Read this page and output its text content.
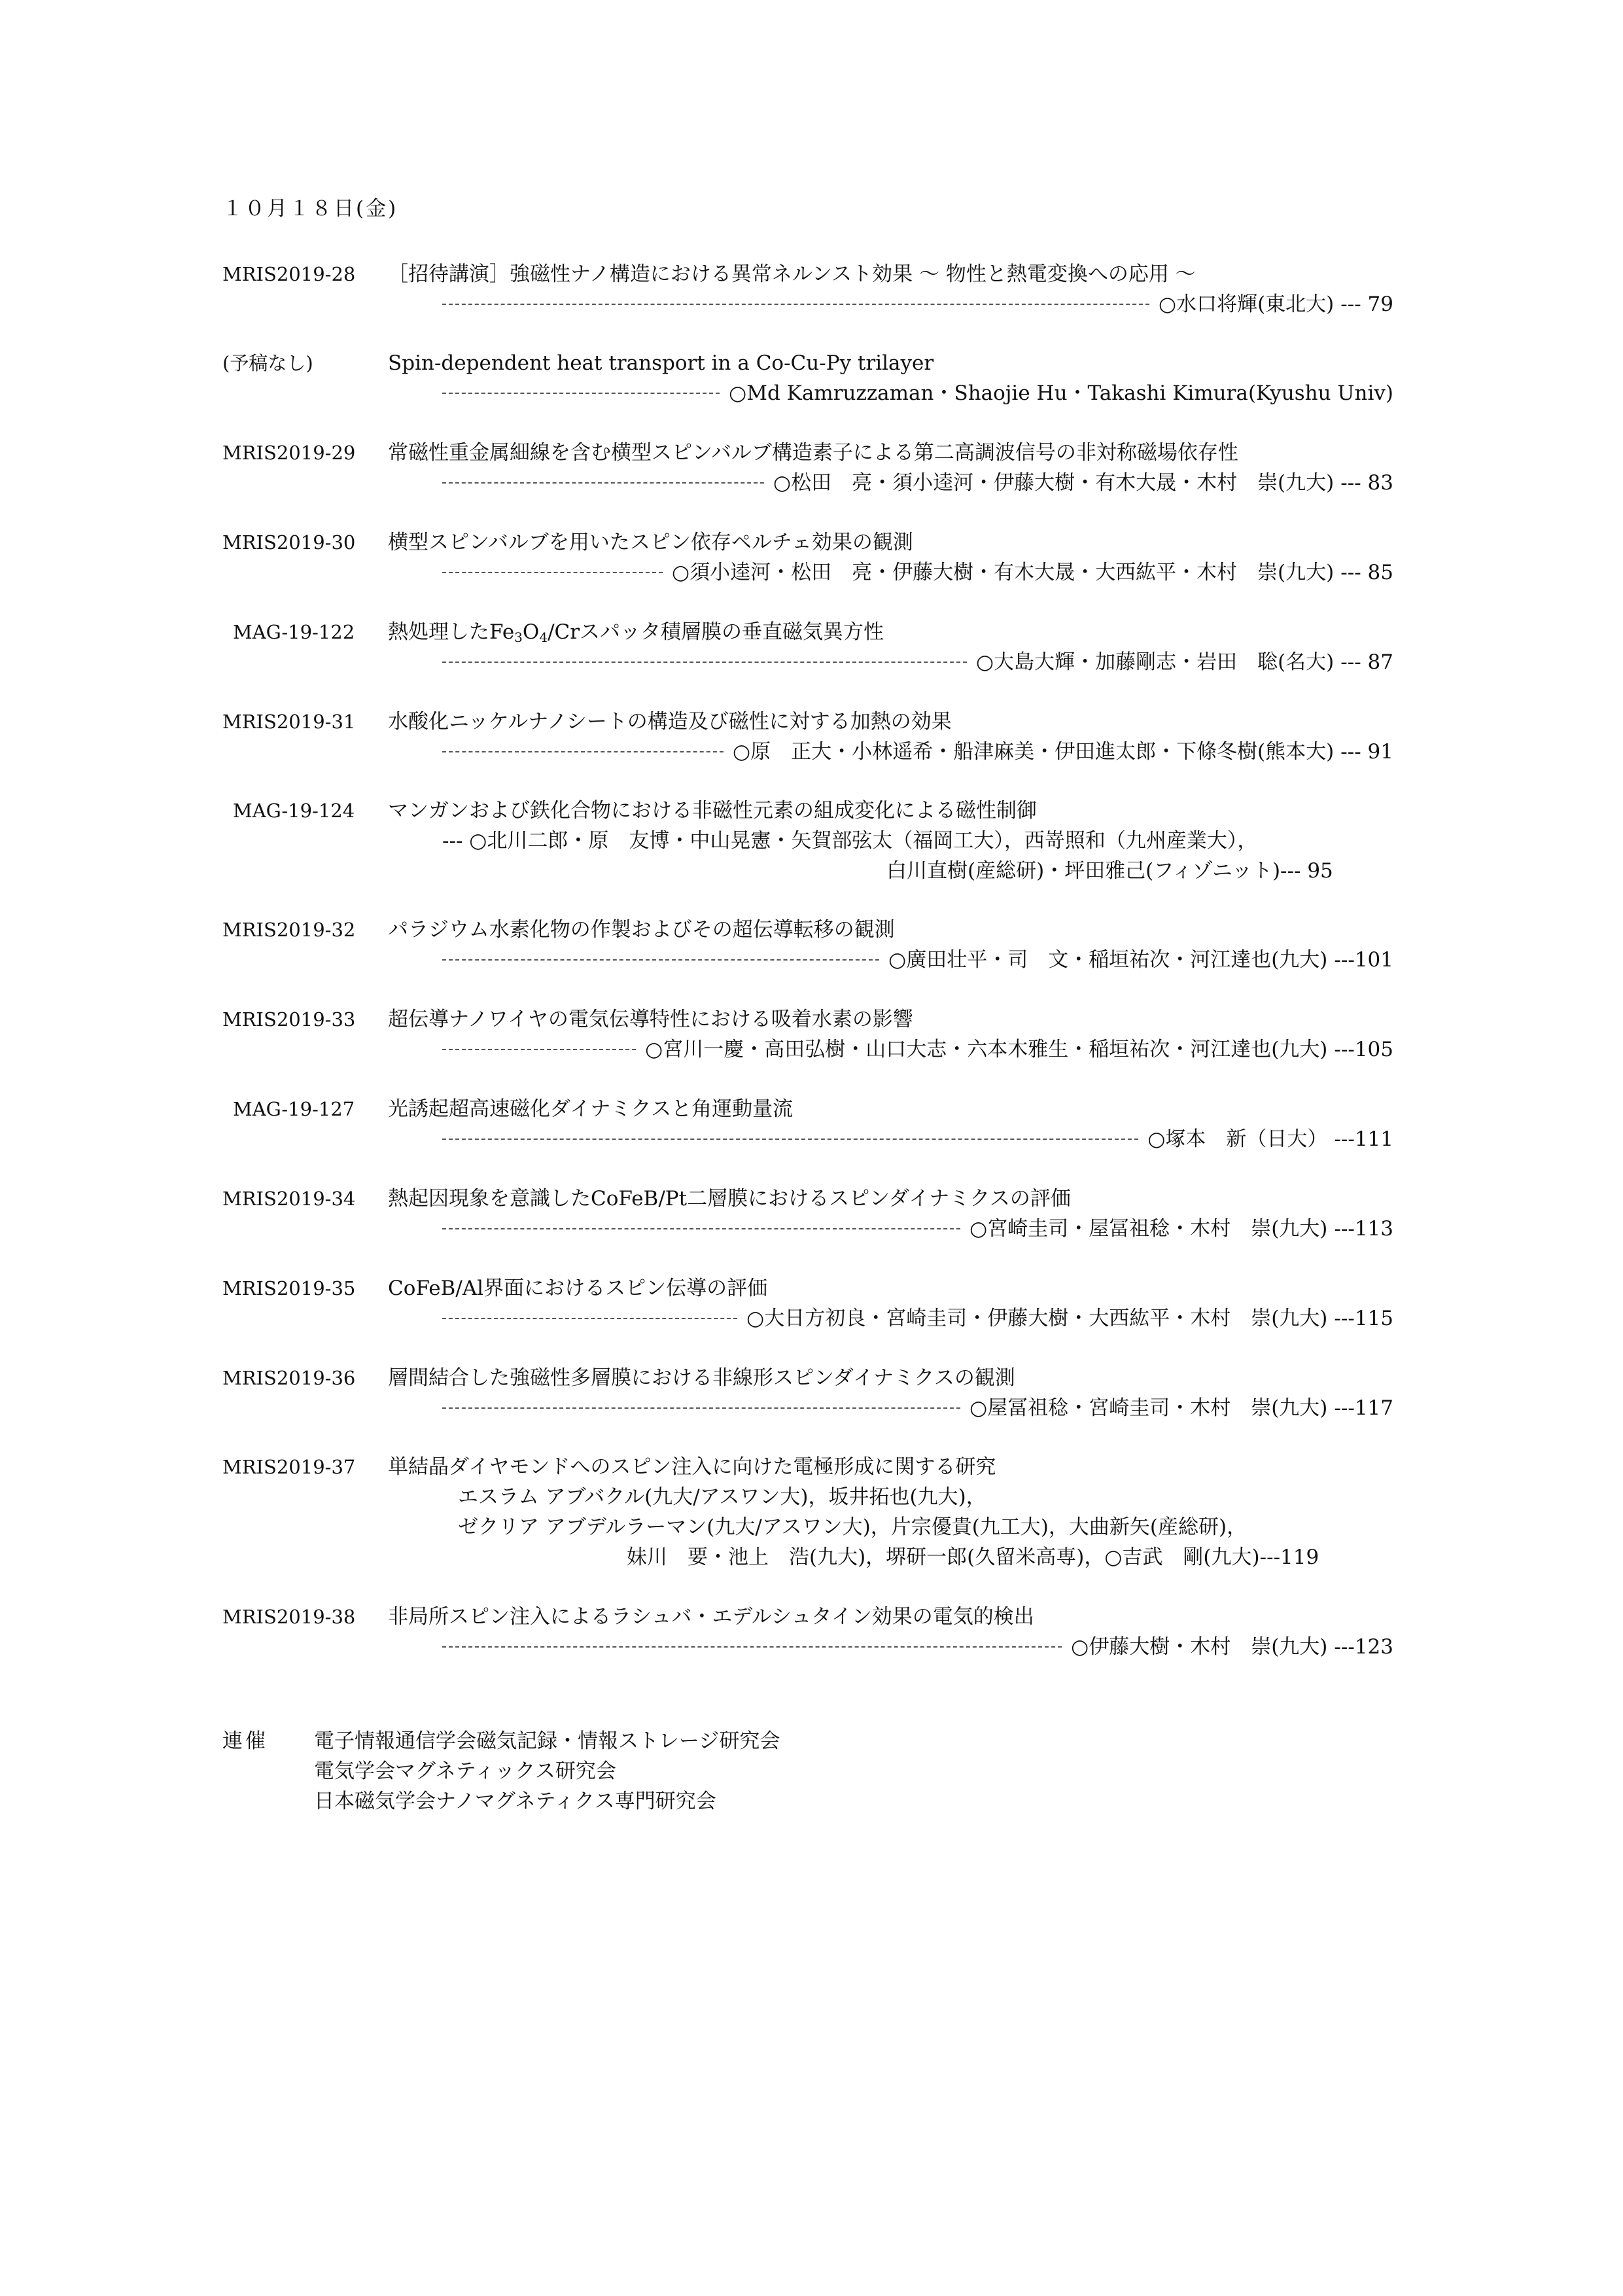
１０月１８日(金)
MRIS2019-28 ［招待講演］強磁性ナノ構造における異常ネルンスト効果 ～ 物性と熱電変換への応用 ～
○水口将輝(東北大) --- 79
(予稿なし)	Spin-dependent heat transport in a Co-Cu-Py trilayer
○Md Kamruzzaman・Shaojie Hu・Takashi Kimura(Kyushu Univ)
MRIS2019-29 常磁性重金属細線を含む横型スピンバルブ構造素子による第二高調波信号の非対称磁場依存性
○松田　亮・須小逵河・伊藤大樹・有木大晟・木村　崇(九大) --- 83
MRIS2019-30 横型スピンバルブを用いたスピン依存ペルチェ効果の観測
○須小逵河・松田　亮・伊藤大樹・有木大晟・大西紘平・木村　崇(九大) --- 85
MAG-19-122 熱処理した$Fe_3O_4/Cr$スパッタ積層膜の垂直磁気異方性
○大島大輝・加藤剛志・岩田　聡(名大) --- 87
MRIS2019-31 水酸化ニッケルナノシートの構造及び磁性に対する加熱の効果
○原　正大・小林遥希・船津麻美・伊田進太郎・下條冬樹(熊本大) --- 91
MAG-19-124 マンガンおよび鉄化合物における非磁性元素の組成変化による磁性制御
--- ○北川二郎・原　友博・中山晃憲・矢賀部弦太（福岡工大），西嵜照和（九州産業大），
白川直樹(産総研)・坪田雅己(フィゾニット)--- 95
MRIS2019-32 パラジウム水素化物の作製およびその超伝導転移の観測
○廣田壮平・司　文・稲垣祐次・河江達也(九大) ---101
MRIS2019-33 超伝導ナノワイヤの電気伝導特性における吸着水素の影響
○宮川一慶・高田弘樹・山口大志・六本木雅生・稲垣祐次・河江達也(九大) ---105
MAG-19-127 光誘起超高速磁化ダイナミクスと角運動量流
○塚本　新（日大） ---111
MRIS2019-34 熱起因現象を意識したCoFeB/Pt二層膜におけるスピンダイナミクスの評価
○宮崎圭司・屋冨祖稔・木村　崇(九大) ---113
MRIS2019-35 CoFeB/Al界面におけるスピン伝導の評価
○大日方初良・宮崎圭司・伊藤大樹・大西紘平・木村　崇(九大) ---115
MRIS2019-36 層間結合した強磁性多層膜における非線形スピンダイナミクスの観測
○屋冨祖稔・宮崎圭司・木村　崇(九大) ---117
MRIS2019-37 単結晶ダイヤモンドへのスピン注入に向けた電極形成に関する研究
エスラム アブバクル(九大/アスワン大)，坂井拓也(九大)，
ゼクリア アブデルラーマン(九大/アスワン大)，片宗優貴(九工大)，大曲新矢(産総研)，
妹川　要・池上　浩(九大)，堺研一郎(久留米高専)，○吉武　剛(九大)---119
MRIS2019-38 非局所スピン注入によるラシュバ・エデルシュタイン効果の電気的検出
○伊藤大樹・木村　崇(九大) ---123
連催 電子情報通信学会磁気記録・情報ストレージ研究会
電気学会マグネティックス研究会
日本磁気学会ナノマグネティクス専門研究会
